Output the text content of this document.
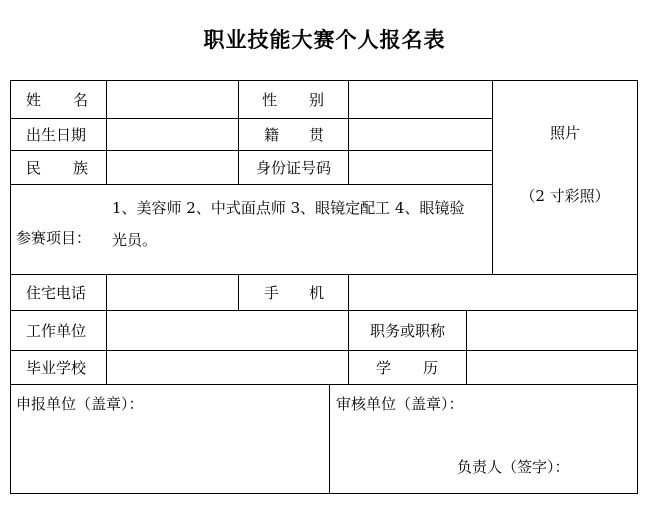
职业技能大赛个人报名表
姓 名	性 别
照片
（2 寸彩照）
出生日期	籍 贯
民 族	身份证号码
参赛项目：
1、美容师 2、中式面点师 3、眼镜定配工 4、眼镜验光员。
住宅电话	手 机
工作单位	职务或职称
毕业学校	学 历
申报单位（盖章）：	审核单位（盖章）：
负责人（签字）：
